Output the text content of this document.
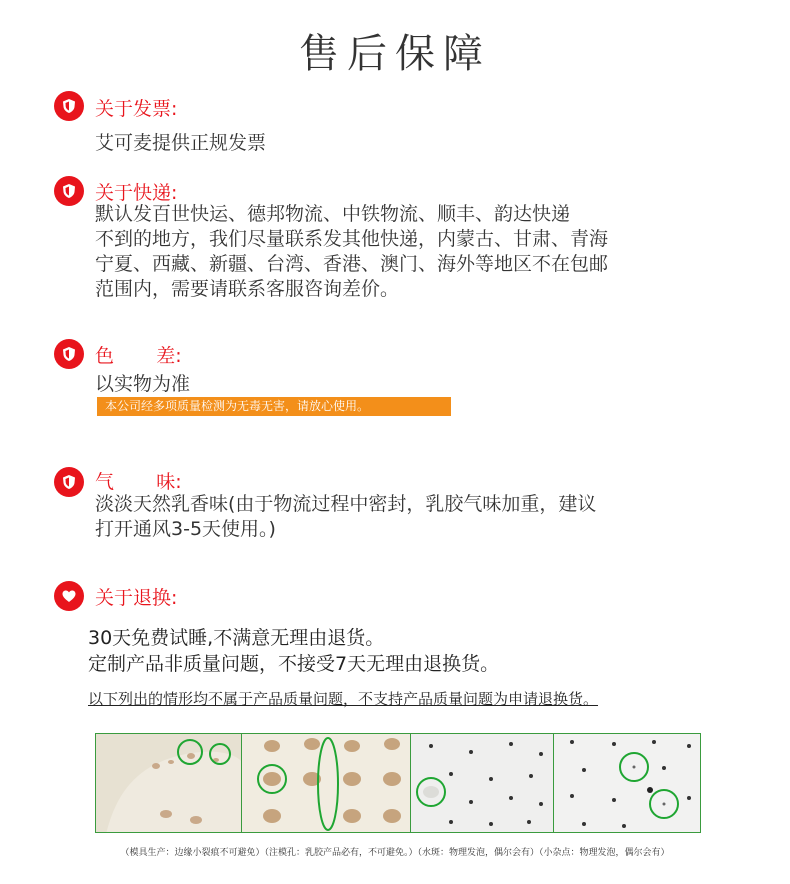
售后保障
关于发票:
艾可麦提供正规发票
关于快递:
默认发百世快运、德邦物流、中铁物流、顺丰、韵达快递
不到的地方，我们尽量联系发其他快递，内蒙古、甘肃、青海
宁夏、西藏、新疆、台湾、香港、澳门、海外等地区不在包邮
范围内，需要请联系客服咨询差价。
色       差:
以实物为准
本公司经多项质量检测为无毒无害，请放心使用。
气       味:
淡淡天然乳香味(由于物流过程中密封，乳胶气味加重，建议
打开通风3-5天使用。)
关于退换:
30天免费试睡,不满意无理由退货。
定制产品非质量问题，不接受7天无理由退换货。
以下列出的情形均不属于产品质量问题，不支持产品质量问题为申请退换货。
（模具生产：边缘小裂痕不可避免）（注模孔：乳胶产品必有，不可避免。）（水斑：物理发泡，偶尔会有）（小杂点：物理发泡，偶尔会有）
